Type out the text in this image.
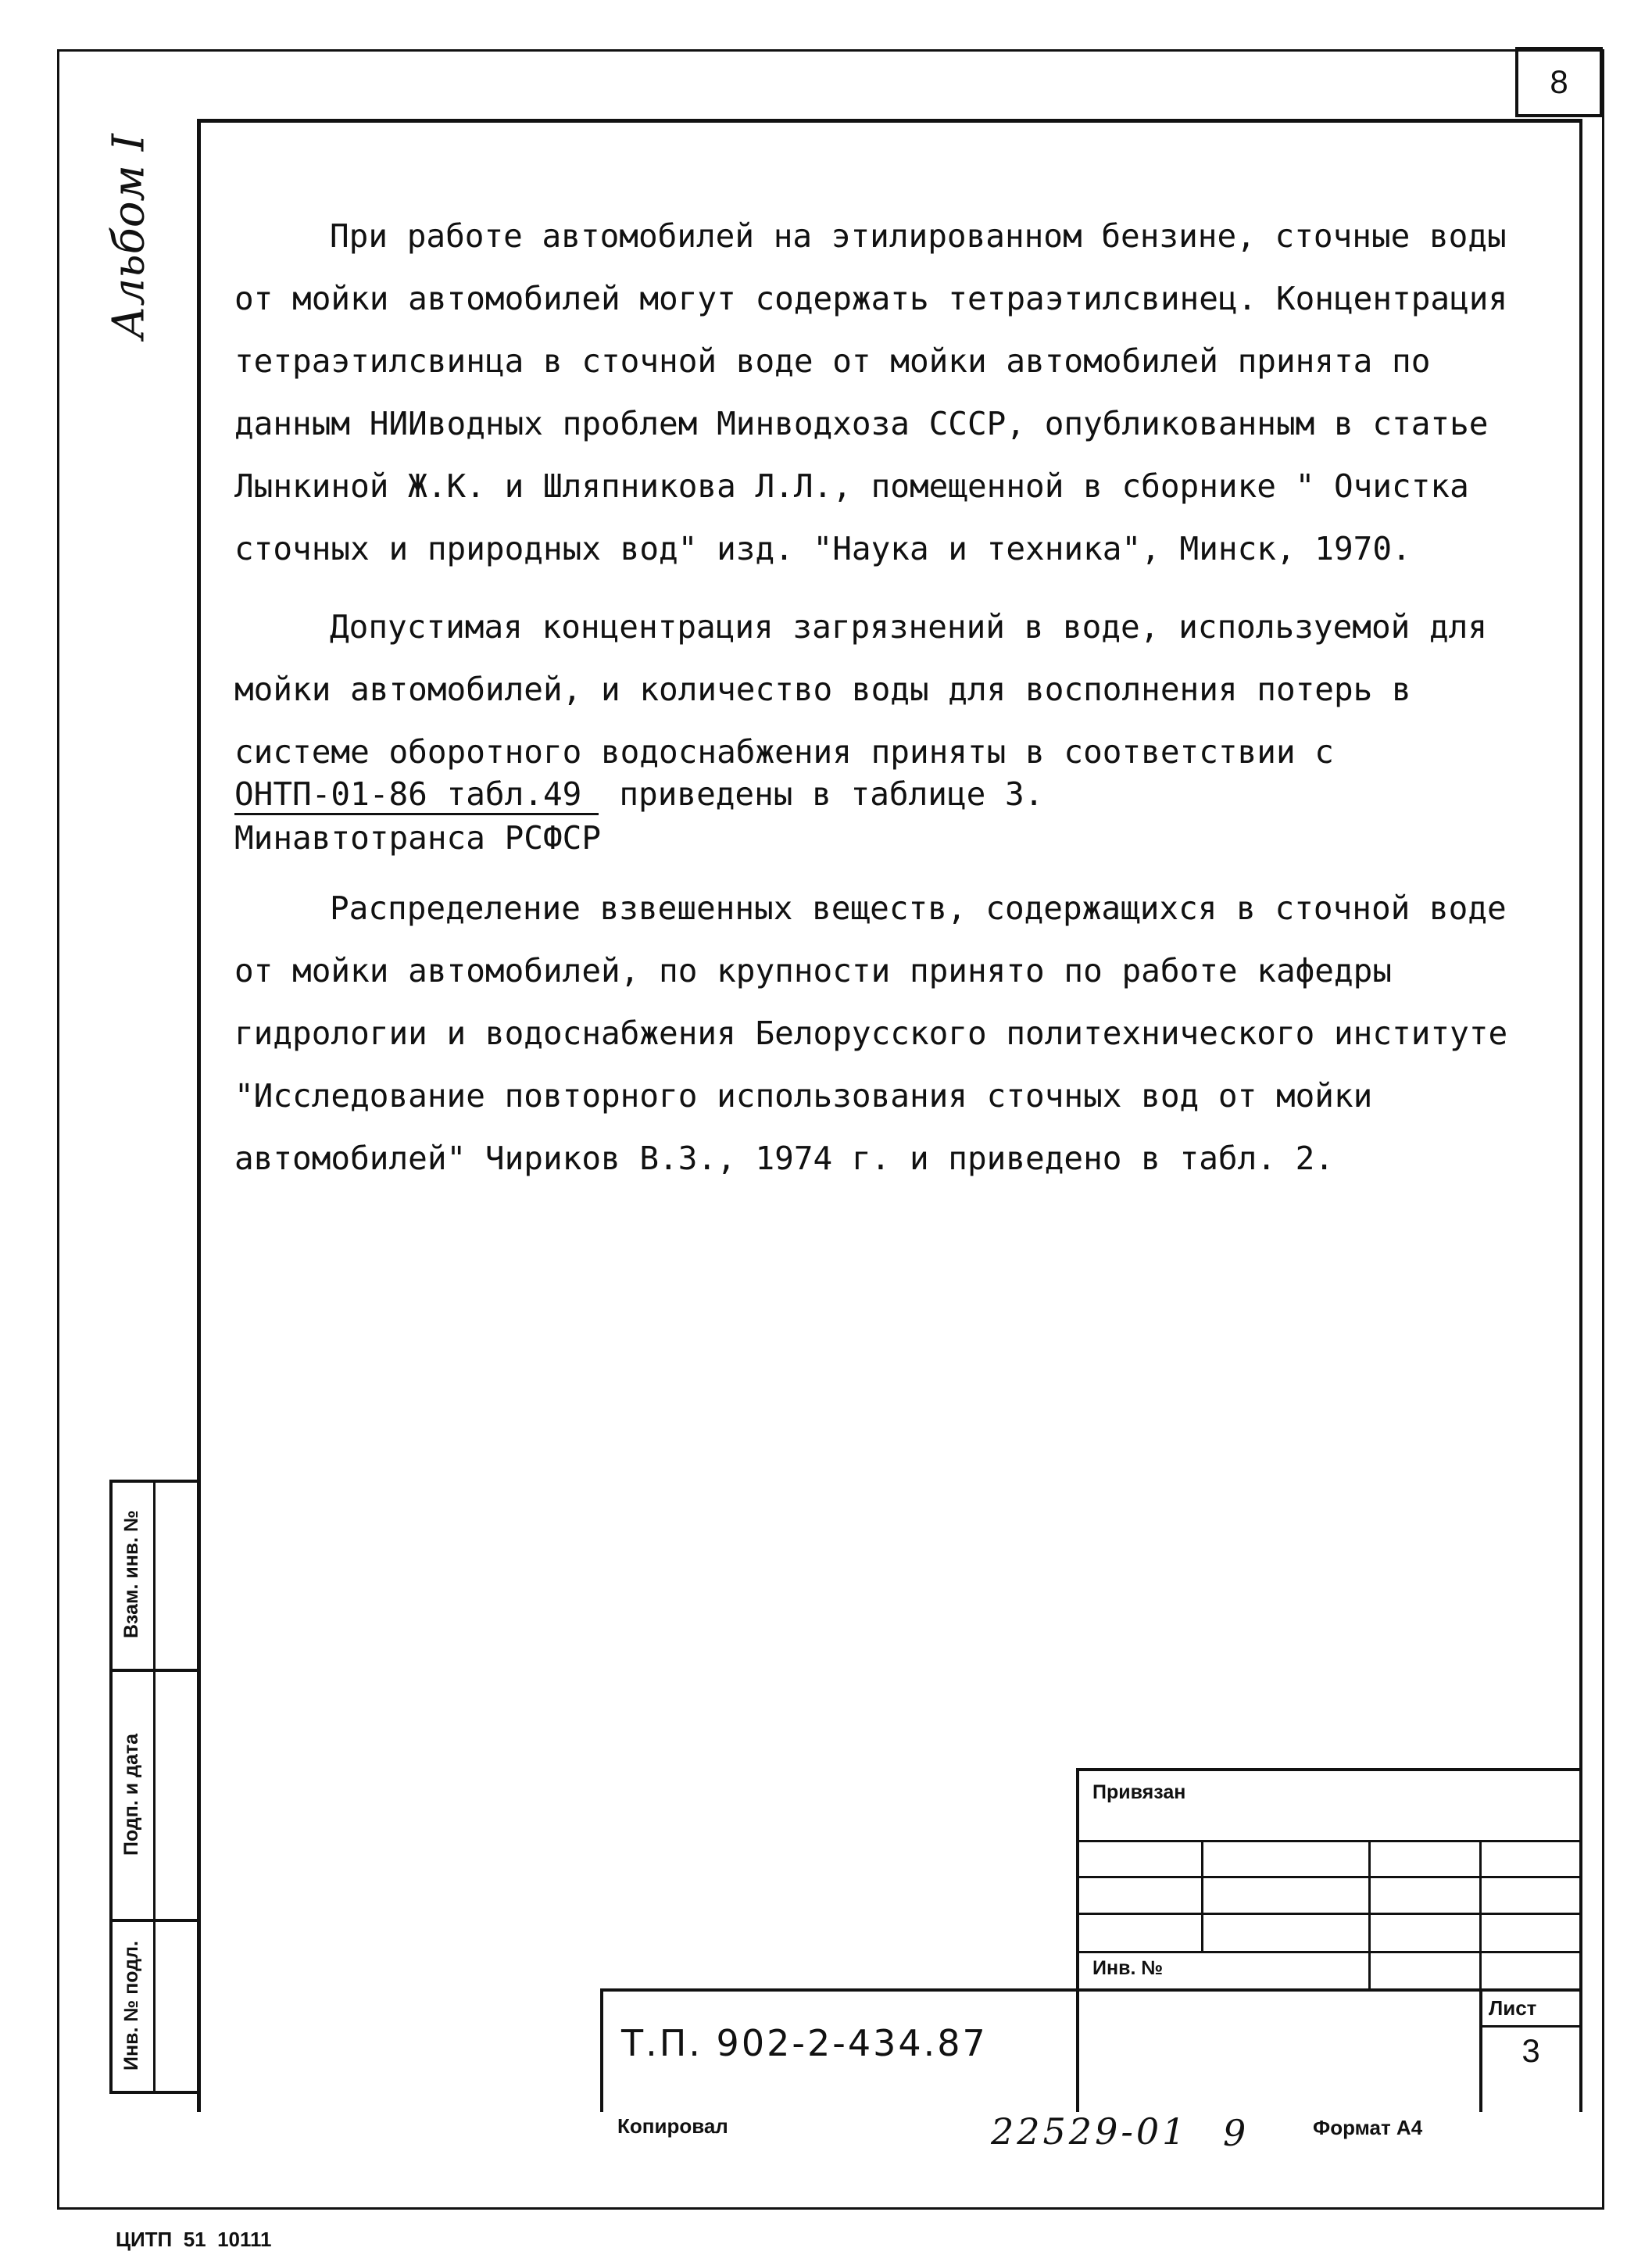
8
Альбом I	При работе автомобилей на этилированном бензине, сточные воды от мойки автомобилей могут содержать тетраэтилсвинец. Концентрация тетраэтилсвинца в сточной воде от мойки автомобилей принята по данным НИИводных проблем Минводхоза СССР, опубликованным в статье Лынкиной Ж.К. и Шляпникова Л.Л., помещенной в сборнике " Очистка сточных и природных вод" изд. "Наука и техника", Минск, 1970.

Допустимая концентрация загрязнений в воде, используемой для мойки автомобилей, и количество воды для восполнения потерь в системе оборотного водоснабжения приняты в соответствии с

ОНТП-01-86 табл.49 приведены в таблице 3.
Минавтотранса РСФСР

Распределение взвешенных веществ, содержащихся в сточной воде от мойки автомобилей, по крупности принято по работе кафедры гидрологии и водоснабжения Белорусского политехнического институте "Исследование повторного использования сточных вод от мойки автомобилей" Чириков В.З., 1974 г. и приведено в табл. 2.

Взам. инв. №
Подп. и дата
Инв. № подл.
Привязан
Инв. №
Т.П. 902-2-434.87
Лист
3
Копировал	22529-01 9	Формат А4
ЦИТП  51  10111
